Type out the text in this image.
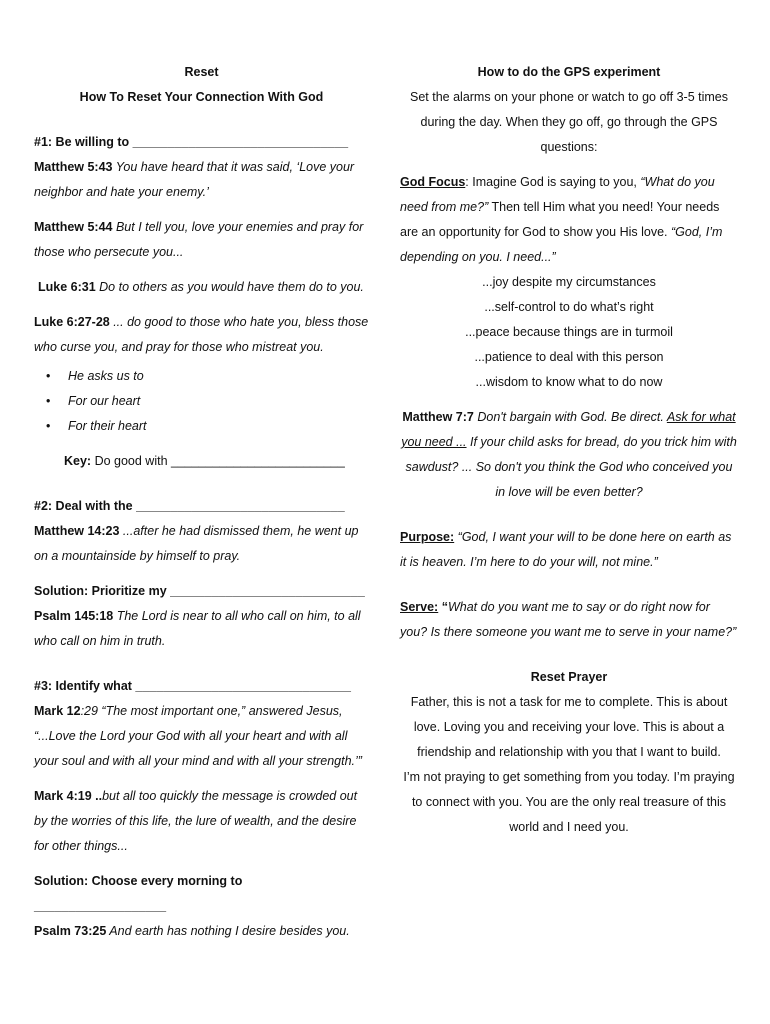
Reset

How To Reset Your Connection With God

#1: Be willing to _______________________________

Matthew 5:43 You have heard that it was said, ‘Love your neighbor and hate your enemy.’

Matthew 5:44 But I tell you, love your enemies and pray for those who persecute you...

Luke 6:31 Do to others as you would have them do to you.

Luke 6:27-28 ... do good to those who hate you, bless those who curse you, and pray for those who mistreat you.

• He asks us to
• For our heart
• For their heart

Key: Do good with _________________________

#2: Deal with the ______________________________

Matthew 14:23 ...after he had dismissed them, he went up on a mountainside by himself to pray.

Solution: Prioritize my ____________________________

Psalm 145:18 The Lord is near to all who call on him, to all who call on him in truth.

#3: Identify what _______________________________

Mark 12:29 “The most important one,” answered Jesus, “...Love the Lord your God with all your heart and with all your soul and with all your mind and with all your strength.’”

Mark 4:19 ..but all too quickly the message is crowded out by the worries of this life, the lure of wealth, and the desire for other things...

Solution: Choose every morning to ___________________

Psalm 73:25 And earth has nothing I desire besides you.

How to do the GPS experiment

Set the alarms on your phone or watch to go off 3-5 times during the day. When they go off, go through the GPS questions:

God Focus: Imagine God is saying to you, “What do you need from me?” Then tell Him what you need! Your needs are an opportunity for God to show you His love. “God, I’m depending on you. I need...”

...joy despite my circumstances

...self-control to do what’s right

...peace because things are in turmoil

...patience to deal with this person

...wisdom to know what to do now

Matthew 7:7 Don't bargain with God. Be direct. Ask for what you need ... If your child asks for bread, do you trick him with sawdust? ... So don't you think the God who conceived you in love will be even better?

Purpose: “God, I want your will to be done here on earth as it is heaven. I’m here to do your will, not mine.”

Serve: “What do you want me to say or do right now for you? Is there someone you want me to serve in your name?”

Reset Prayer

Father, this is not a task for me to complete. This is about love. Loving you and receiving your love. This is about a friendship and relationship with you that I want to build.

I’m not praying to get something from you today. I’m praying to connect with you. You are the only real treasure of this world and I need you.
